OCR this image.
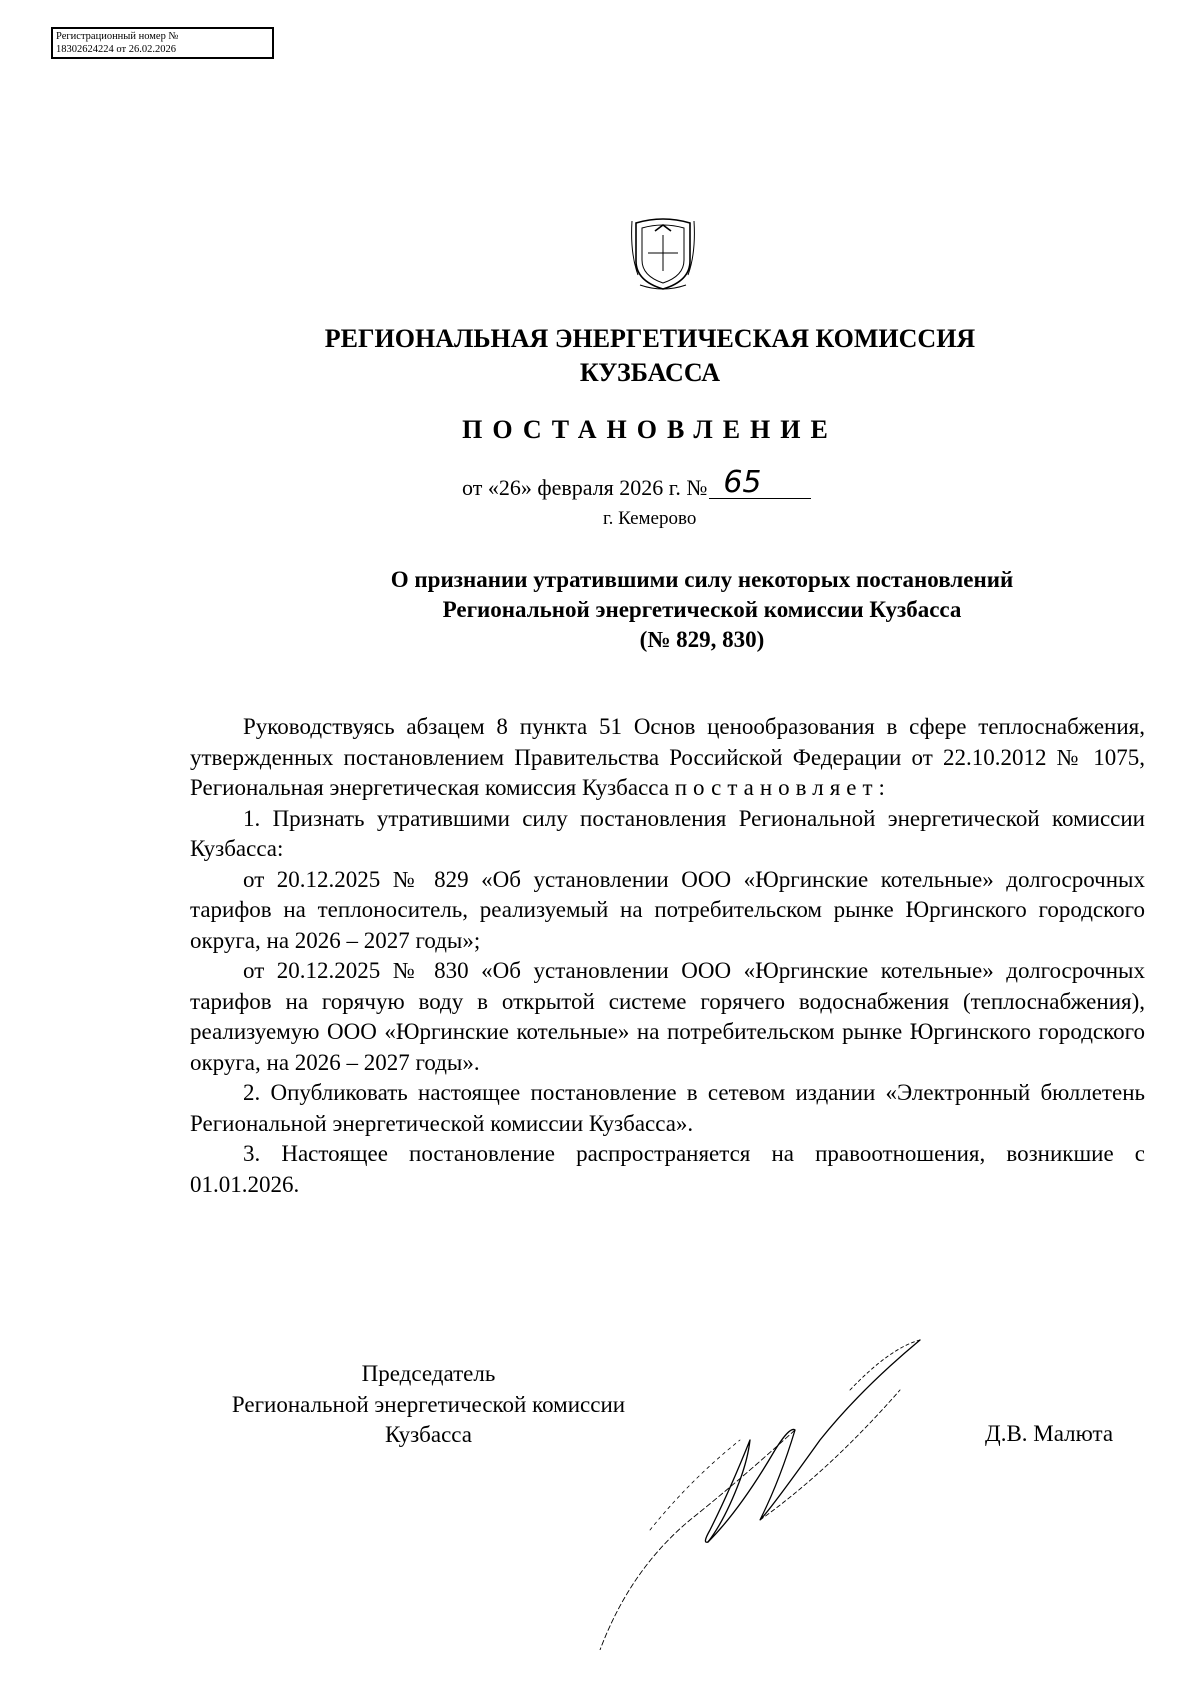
Регистрационный номер №
18302624224 от 26.02.2026
РЕГИОНАЛЬНАЯ ЭНЕРГЕТИЧЕСКАЯ КОМИССИЯ
КУЗБАССА
ПОСТАНОВЛЕНИЕ
от «26» февраля 2026 г. № 65
г. Кемерово
О признании утратившими силу некоторых постановлений
Региональной энергетической комиссии Кузбасса
(№ 829, 830)

Руководствуясь абзацем 8 пункта 51 Основ ценообразования в сфере теплоснабжения, утвержденных постановлением Правительства Российской Федерации от 22.10.2012 № 1075, Региональная энергетическая комиссия Кузбасса постановляет:

1. Признать утратившими силу постановления Региональной энергетической комиссии Кузбасса:

от 20.12.2025 № 829 «Об установлении ООО «Юргинские котельные» долгосрочных тарифов на теплоноситель, реализуемый на потребительском рынке Юргинского городского округа, на 2026 – 2027 годы»;

от 20.12.2025 № 830 «Об установлении ООО «Юргинские котельные» долгосрочных тарифов на горячую воду в открытой системе горячего водоснабжения (теплоснабжения), реализуемую ООО «Юргинские котельные» на потребительском рынке Юргинского городского округа, на 2026 – 2027 годы».

2. Опубликовать настоящее постановление в сетевом издании «Электронный бюллетень Региональной энергетической комиссии Кузбасса».

3. Настоящее постановление распространяется на правоотношения, возникшие с 01.01.2026.

Председатель
Региональной энергетической комиссии
Кузбасса	Д.В. Малюта
